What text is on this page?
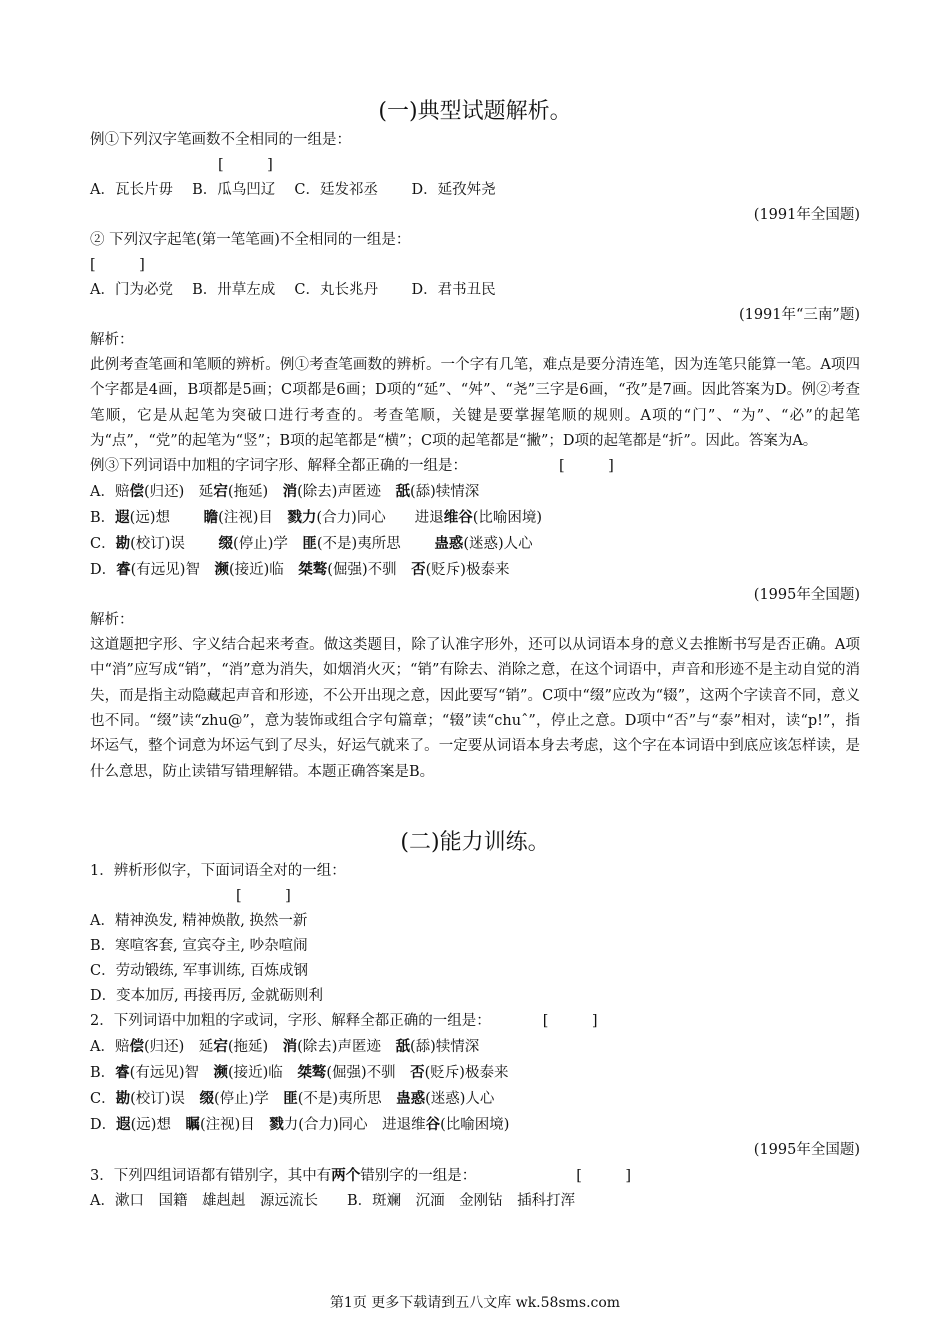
(一)典型试题解析。

例①下列汉字笔画数不全相同的一组是：

[　　　]

A．瓦长片毋　 B．瓜乌凹辽　 C．廷发祁丞　　 D．延孜舛尧

(1991年全国题)

② 下列汉字起笔(第一笔笔画)不全相同的一组是：

[　　　]

A．门为必党　 B．卅草左成　 C．丸长兆丹　　 D．君书丑民

(1991年“三南”题)

解析：

此例考查笔画和笔顺的辨析。例①考查笔画数的辨析。一个字有几笔，难点是要分清连笔，因为连笔只能算一笔。A项四个字都是4画，B项都是5画；C项都是6画；D项的“延”、“舛”、“尧”三字是6画，“孜”是7画。因此答案为D。例②考查笔顺，它是从起笔为突破口进行考查的。考查笔顺，关键是要掌握笔顺的规则。A项的“门”、“为”、“必”的起笔为“点”，“党”的起笔为“竖”；B项的起笔都是“横”；C项的起笔都是“撇”；D项的起笔都是“折”。因此。答案为A。

例③下列词语中加粗的字词字形、解释全都正确的一组是：	[　　　]

A．赔偿(归还)　延宕(拖延)　消(除去)声匿迹　舐(舔)犊情深

B．遐(远)想　　 瞻(注视)目　戮力(合力)同心　　进退维谷(比喻困境)

C．勘(校订)误　　 缀(停止)学　匪(不是)夷所思　　 蛊惑(迷惑)人心

D．睿(有远见)智　濒(接近)临　桀骜(倔强)不驯　否(贬斥)极泰来

(1995年全国题)

解析：

这道题把字形、字义结合起来考查。做这类题目，除了认准字形外，还可以从词语本身的意义去推断书写是否正确。A项中“消”应写成“销”，“消”意为消失，如烟消火灭；“销”有除去、消除之意，在这个词语中，声音和形迹不是主动自觉的消失，而是指主动隐藏起声音和形迹，不公开出现之意，因此要写“销”。C项中“缀”应改为“辍”，这两个字读音不同，意义也不同。“缀”读“zhu@”，意为装饰或组合字句篇章；“辍”读“chuˆ”，停止之意。D项中“否”与“泰”相对，读“p!”，指坏运气，整个词意为坏运气到了尽头，好运气就来了。一定要从词语本身去考虑，这个字在本词语中到底应该怎样读，是什么意思，防止读错写错理解错。本题正确答案是B。

(二)能力训练。

1．辨析形似字，下面词语全对的一组：

[　　　]

A．精神涣发, 精神焕散, 换然一新

B．寒喧客套, 宣宾夺主, 吵杂喧闹

C．劳动锻练, 军事训练, 百炼成钢

D．变本加厉, 再接再厉, 金就砺则利

2．下列词语中加粗的字或词，字形、解释全都正确的一组是：	[　　　]

A．赔偿(归还)　延宕(拖延)　消(除去)声匿迹　舐(舔)犊情深

B．睿(有远见)智　濒(接近)临　桀骜(倔强)不驯　否(贬斥)极泰来

C．勘(校订)误　缀(停止)学　匪(不是)夷所思　蛊惑(迷惑)人心

D．遐(远)想　瞩(注视)目　戮力(合力)同心　进退维谷(比喻困境)

(1995年全国题)

3．下列四组词语都有错别字，其中有两个错别字的一组是：	[　　　]

A．漱口　国籍　雄赳赳　源远流长　　B．斑斓　沉湎　金刚钻　插科打浑

第1页 更多下载请到五八文库 wk.58sms.com
